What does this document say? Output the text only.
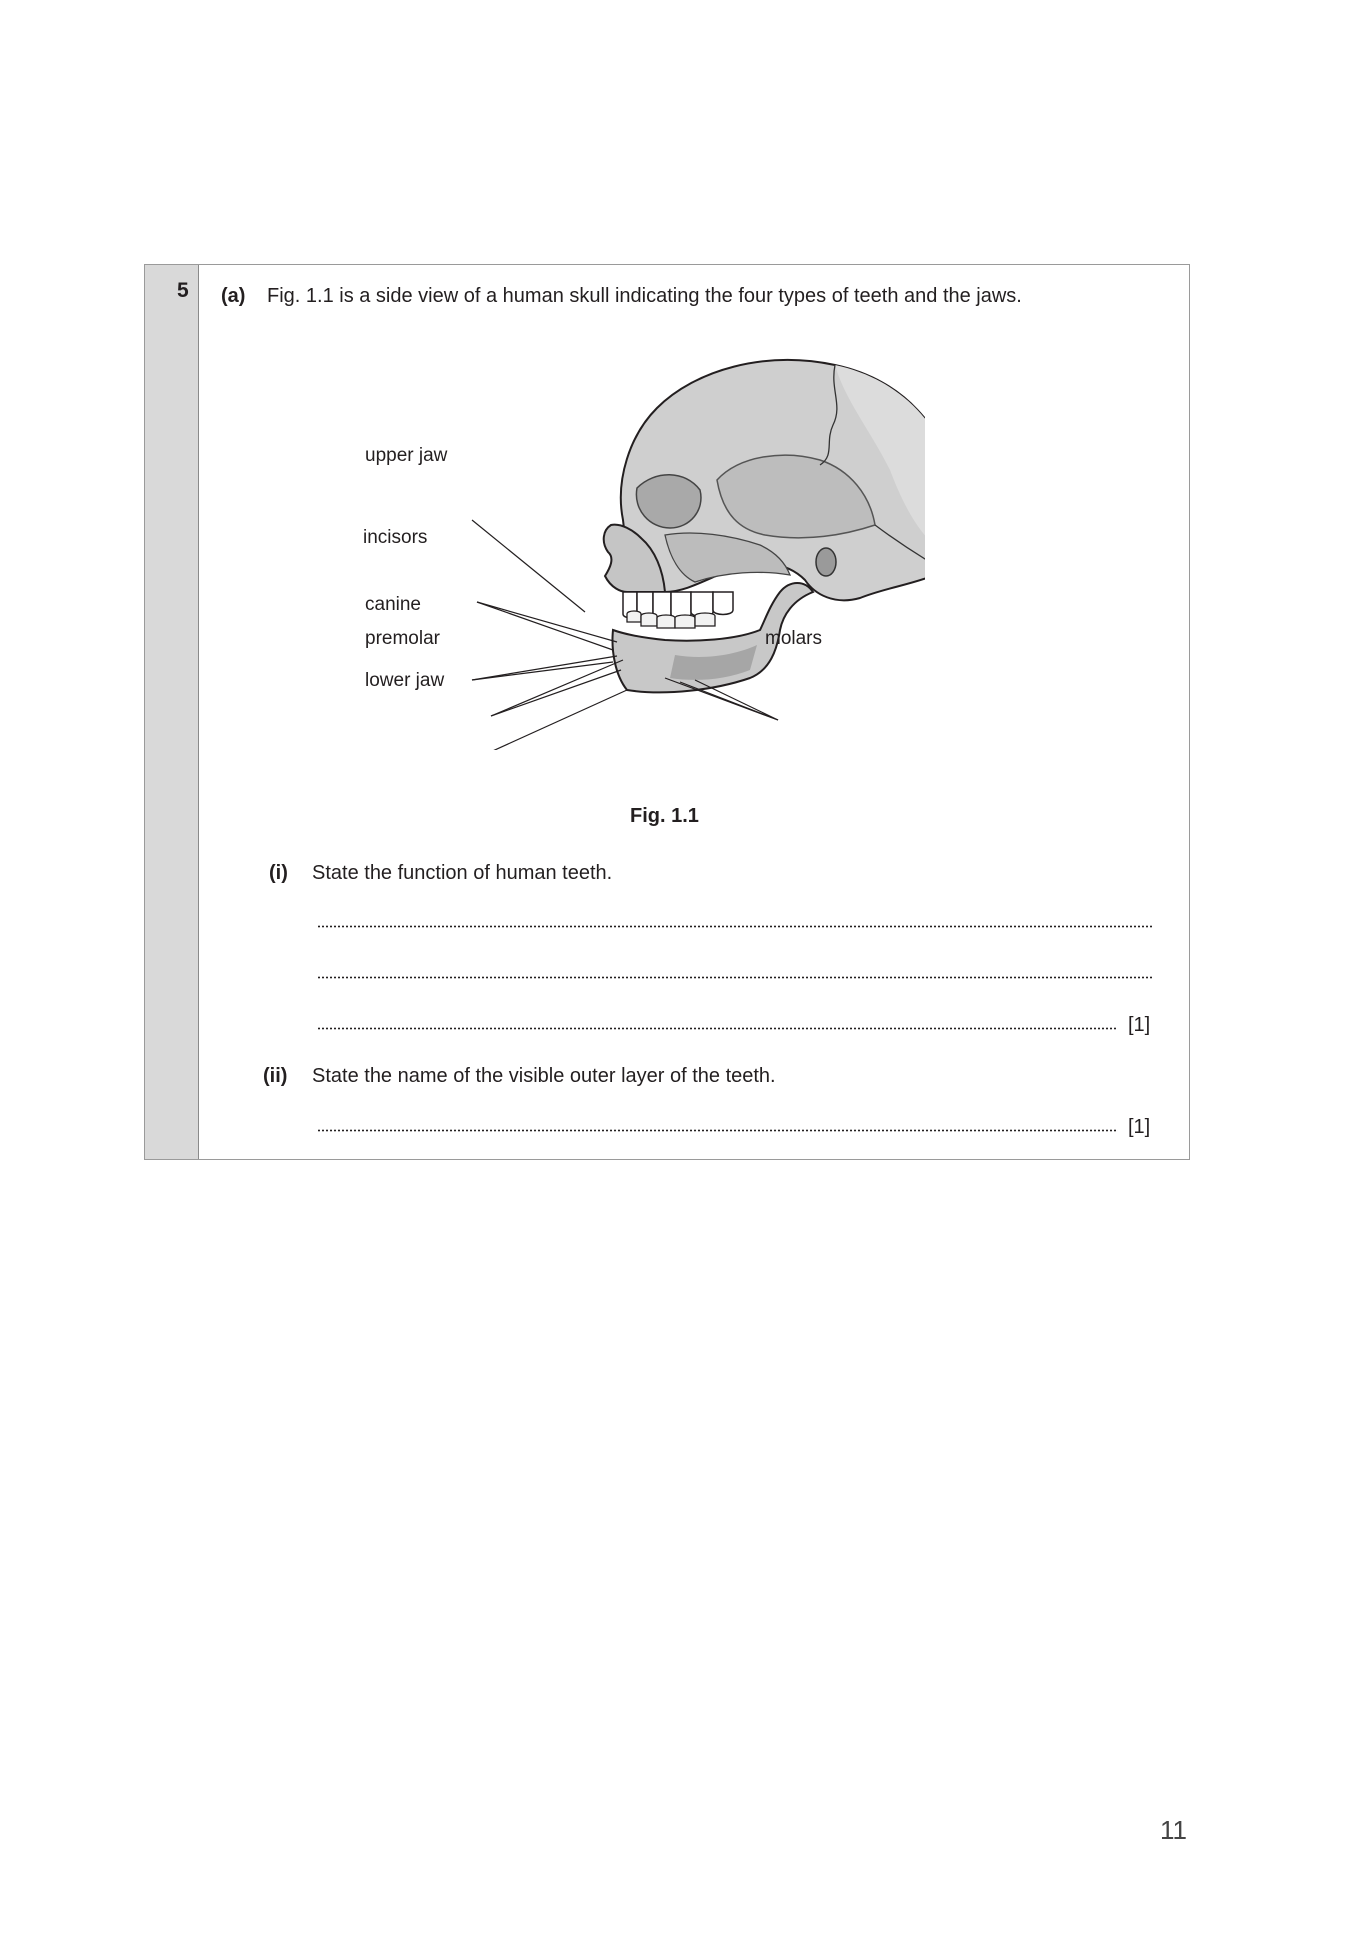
5 (a) Fig. 1.1 is a side view of a human skull indicating the four types of teeth and the jaws.
upper jaw
incisors
canine
premolar
lower jaw
molars
Fig. 1.1
(i) State the function of human teeth.
[1]
(ii) State the name of the visible outer layer of the teeth.
[1]
11
